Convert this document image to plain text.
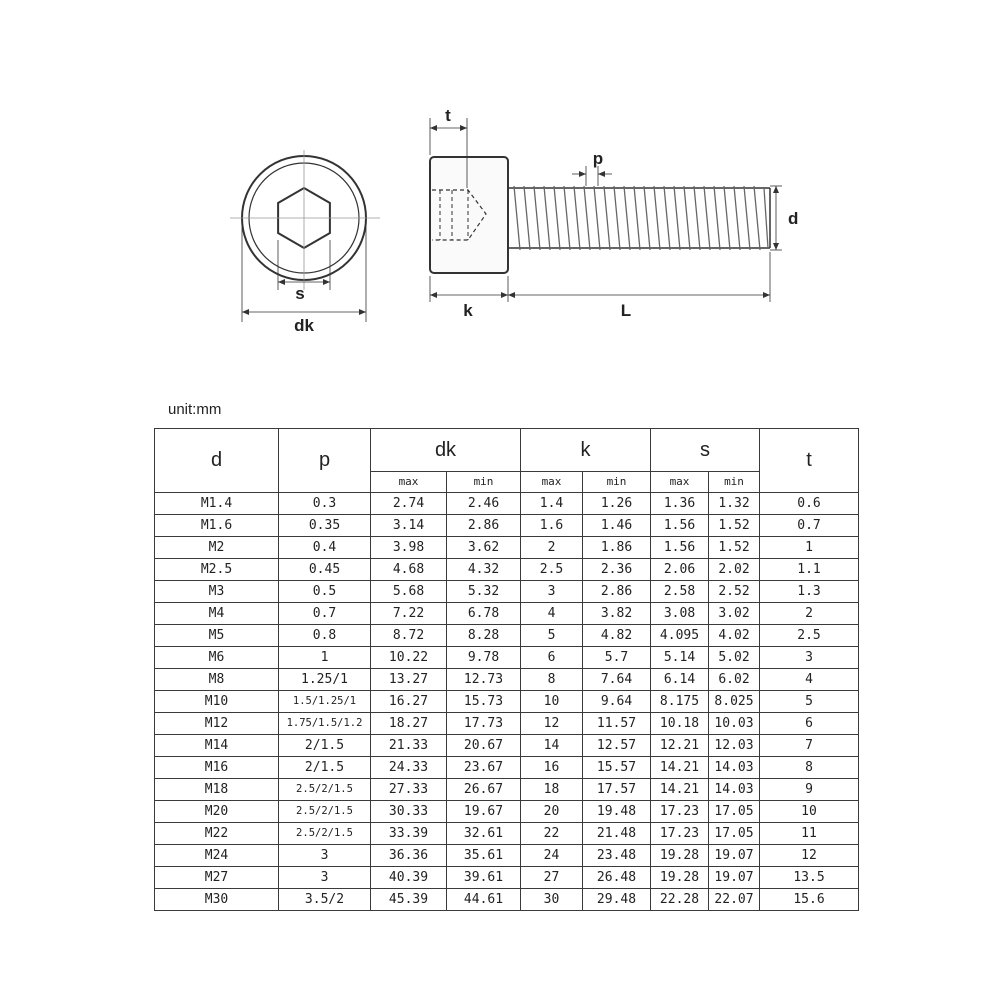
s
dk
t
p
d
k	L
unit:mm
d	p	dk		k		s		t
		max	min	max	min	max	min	
M1.4	0.3	2.74	2.46	1.4	1.26	1.36	1.32	0.6
M1.6	0.35	3.14	2.86	1.6	1.46	1.56	1.52	0.7
M2	0.4	3.98	3.62	2	1.86	1.56	1.52	1
M2.5	0.45	4.68	4.32	2.5	2.36	2.06	2.02	1.1
M3	0.5	5.68	5.32	3	2.86	2.58	2.52	1.3
M4	0.7	7.22	6.78	4	3.82	3.08	3.02	2
M5	0.8	8.72	8.28	5	4.82	4.095	4.02	2.5
M6	1	10.22	9.78	6	5.7	5.14	5.02	3
M8	1.25/1	13.27	12.73	8	7.64	6.14	6.02	4
M10	1.5/1.25/1	16.27	15.73	10	9.64	8.175	8.025	5
M12	1.75/1.5/1.2	18.27	17.73	12	11.57	10.18	10.03	6
M14	2/1.5	21.33	20.67	14	12.57	12.21	12.03	7
M16	2/1.5	24.33	23.67	16	15.57	14.21	14.03	8
M18	2.5/2/1.5	27.33	26.67	18	17.57	14.21	14.03	9
M20	2.5/2/1.5	30.33	19.67	20	19.48	17.23	17.05	10
M22	2.5/2/1.5	33.39	32.61	22	21.48	17.23	17.05	11
M24	3	36.36	35.61	24	23.48	19.28	19.07	12
M27	3	40.39	39.61	27	26.48	19.28	19.07	13.5
M30	3.5/2	45.39	44.61	30	29.48	22.28	22.07	15.6
